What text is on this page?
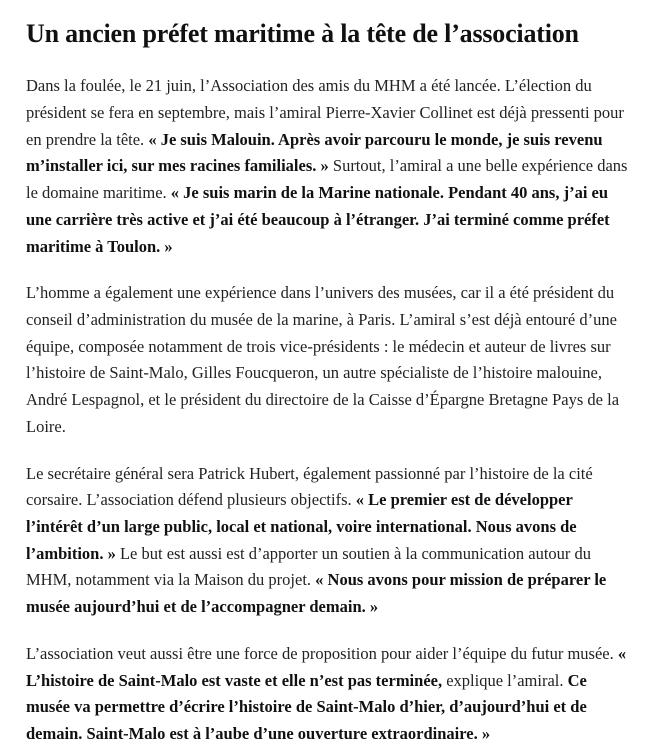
Un ancien préfet maritime à la tête de l’association

Dans la foulée, le 21 juin, l’Association des amis du MHM a été lancée. L’élection du président se fera en septembre, mais l’amiral Pierre-Xavier Collinet est déjà pressenti pour en prendre la tête. « Je suis Malouin. Après avoir parcouru le monde, je suis revenu m’installer ici, sur mes racines familiales. » Surtout, l’amiral a une belle expérience dans le domaine maritime. « Je suis marin de la Marine nationale. Pendant 40 ans, j’ai eu une carrière très active et j’ai été beaucoup à l’étranger. J’ai terminé comme préfet maritime à Toulon. »

L’homme a également une expérience dans l’univers des musées, car il a été président du conseil d’administration du musée de la marine, à Paris. L’amiral s’est déjà entouré d’une équipe, composée notamment de trois vice-présidents : le médecin et auteur de livres sur l’histoire de Saint-Malo, Gilles Foucqueron, un autre spécialiste de l’histoire malouine, André Lespagnol, et le président du directoire de la Caisse d’Épargne Bretagne Pays de la Loire.

Le secrétaire général sera Patrick Hubert, également passionné par l’histoire de la cité corsaire. L’association défend plusieurs objectifs. « Le premier est de développer l’intérêt d’un large public, local et national, voire international. Nous avons de l’ambition. » Le but est aussi est d’apporter un soutien à la communication autour du MHM, notamment via la Maison du projet. « Nous avons pour mission de préparer le musée aujourd’hui et de l’accompagner demain. »

L’association veut aussi être une force de proposition pour aider l’équipe du futur musée. « L’histoire de Saint-Malo est vaste et elle n’est pas terminée, explique l’amiral. Ce musée va permettre d’écrire l’histoire de Saint-Malo d’hier, d’aujourd’hui et de demain. Saint-Malo est à l’aube d’une ouverture extraordinaire. »
